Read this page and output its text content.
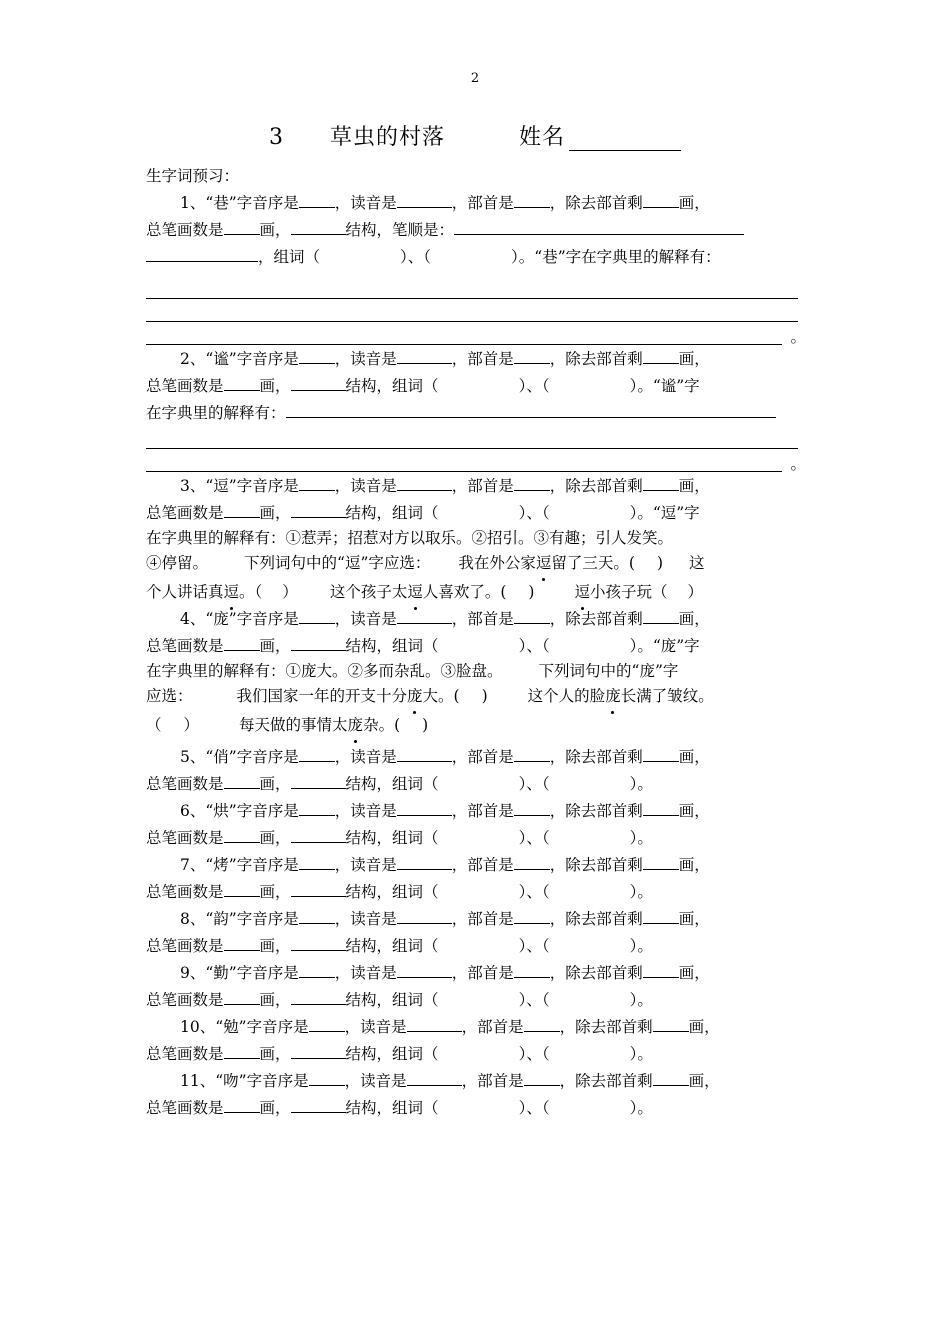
2
3 草虫的村落	姓名

生字词预习：

1、“巷”字音序是 ，读音是	，部首是 ，除去部首剩 画，

总笔画数是 画，	结构，笔顺是：

，组词（	）、（	）。“巷”字在字典里的解释有：

。

2、“谧”字音序是 ，读音是	，部首是 ，除去部首剩 画，

总笔画数是 画，	结构，组词（	）、（	）。“谧”字

在字典里的解释有：

。

3、“逗”字音序是 ，读音是	，部首是 ，除去部首剩 画，

总笔画数是 画，	结构，组词（	）、（	）。“逗”字

在字典里的解释有：①惹弄；招惹对方以取乐。②招引。③有趣；引人发笑。

④停留。 下列词句中的“逗”字应选： 我在外公家逗留了三天。( ) 这

个人讲话真逗。（ ） 这个孩子太逗人喜欢了。( )	逗小孩子玩（ ）

4、“庞”字音序是 ，读音是	，部首是 ，除去部首剩 画，

总笔画数是 画，	结构，组词（	）、（	）。“庞”字

在字典里的解释有：①庞大。②多而杂乱。③脸盘。 下列词句中的“庞”字

应选：	我们国家一年的开支十分庞大。( )	这个人的脸庞长满了皱纹。

（ ）	每天做的事情太庞杂。( )

5、“俏”字音序是 ，读音是	，部首是 ，除去部首剩 画，

总笔画数是 画，	结构，组词（	）、（	）。

6、“烘”字音序是 ，读音是	，部首是 ，除去部首剩 画，

总笔画数是 画，	结构，组词（	）、（	）。

7、“烤”字音序是 ，读音是	，部首是 ，除去部首剩 画，

总笔画数是 画，	结构，组词（	）、（	）。

8、“韵”字音序是 ，读音是	，部首是 ，除去部首剩 画，

总笔画数是 画，	结构，组词（	）、（	）。

9、“勤”字音序是 ，读音是	，部首是 ，除去部首剩 画，

总笔画数是 画，	结构，组词（	）、（	）。

10、“勉”字音序是 ，读音是	，部首是 ，除去部首剩 画，

总笔画数是 画，	结构，组词（	）、（	）。

11、“吻”字音序是 ，读音是	，部首是 ，除去部首剩 画，

总笔画数是 画，	结构，组词（	）、（	）。
